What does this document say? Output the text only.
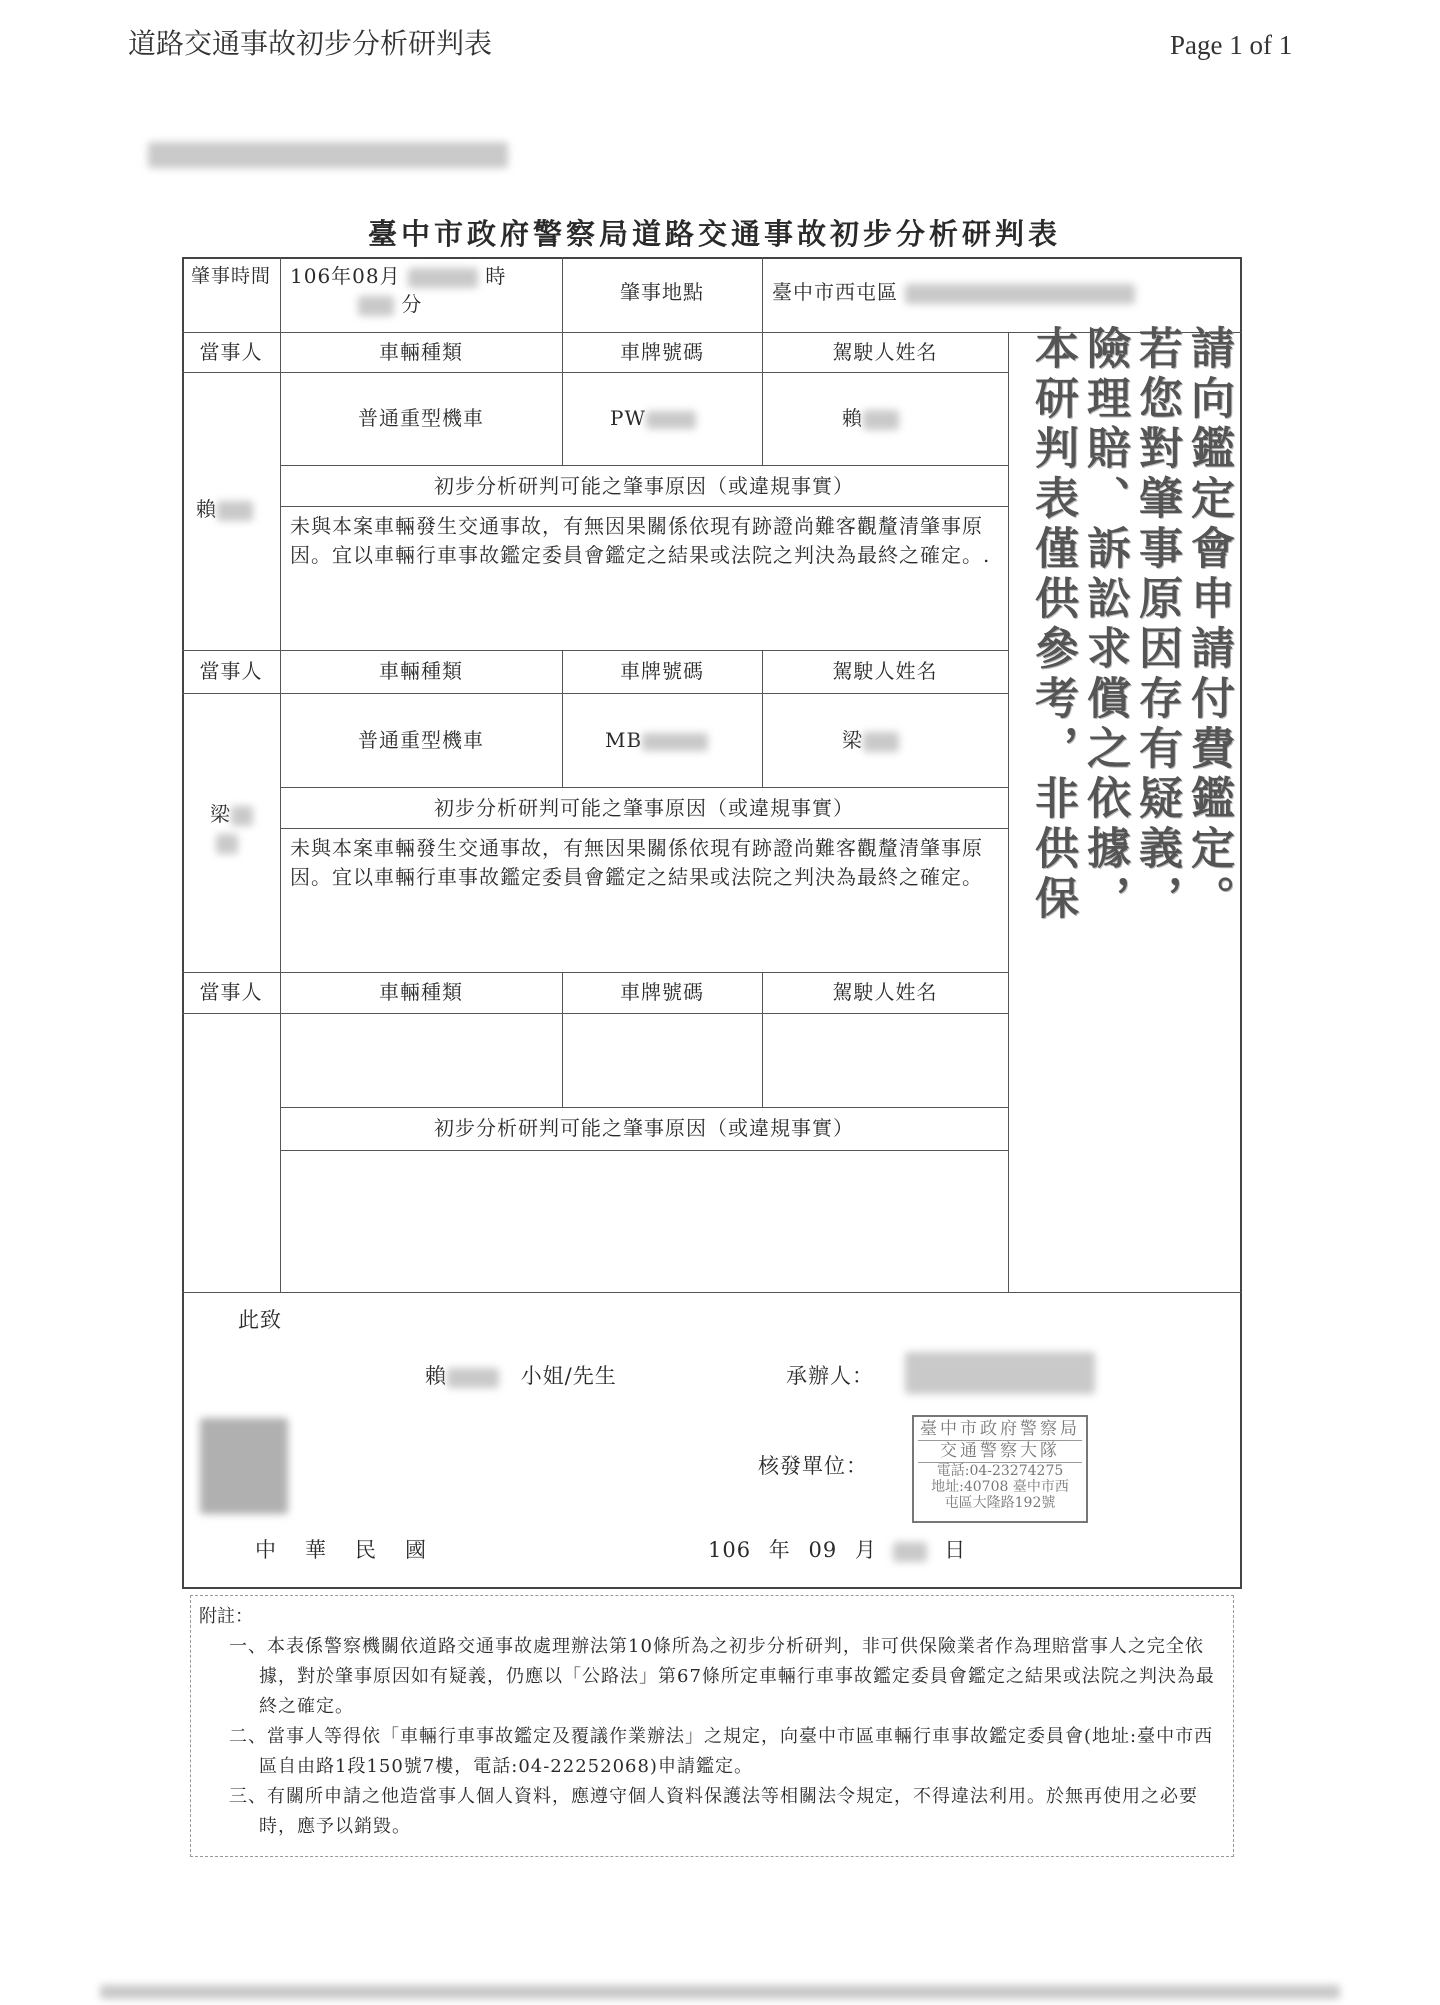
道路交通事故初步分析研判表	Page 1 of 1
臺中市政府警察局道路交通事故初步分析研判表
肇事時間 106年08月	時
分	肇事地點	臺中市西屯區
當事人	車輛種類	車牌號碼	駕駛人姓名
賴
普通重型機車	PW	賴
初步分析研判可能之肇事原因（或違規事實）
未與本案車輛發生交通事故，有無因果關係依現有跡證尚難客觀釐清肇事原因。宜以車輛行車事故鑑定委員會鑑定之結果或法院之判決為最終之確定。.
當事人	車輛種類	車牌號碼	駕駛人姓名
梁

普通重型機車	MB	梁
初步分析研判可能之肇事原因（或違規事實）
未與本案車輛發生交通事故，有無因果關係依現有跡證尚難客觀釐清肇事原因。宜以車輛行車事故鑑定委員會鑑定之結果或法院之判決為最終之確定。
當事人	車輛種類	車牌號碼	駕駛人姓名
初步分析研判可能之肇事原因（或違規事實）
請向鑑定會申請付費鑑定。
若您對肇事原因存有疑義，
險理賠、訴訟求償之依據，
本研判表僅供參考，非供保
此致
賴	小姐/先生	承辦人：
核發單位：
臺中市政府警察局
交通警察大隊
電話:04-23274275
地址:40708 臺中市西
屯區大隆路192號
中　華　民　國	106 年 09 月	日
附註：
一、本表係警察機關依道路交通事故處理辦法第10條所為之初步分析研判，非可供保險業者作為理賠當事人之完全依據，對於肇事原因如有疑義，仍應以「公路法」第67條所定車輛行車事故鑑定委員會鑑定之結果或法院之判決為最終之確定。
二、當事人等得依「車輛行車事故鑑定及覆議作業辦法」之規定，向臺中市區車輛行車事故鑑定委員會(地址:臺中市西區自由路1段150號7樓，電話:04-22252068)申請鑑定。
三、有關所申請之他造當事人個人資料，應遵守個人資料保護法等相關法令規定，不得違法利用。於無再使用之必要時，應予以銷毀。
